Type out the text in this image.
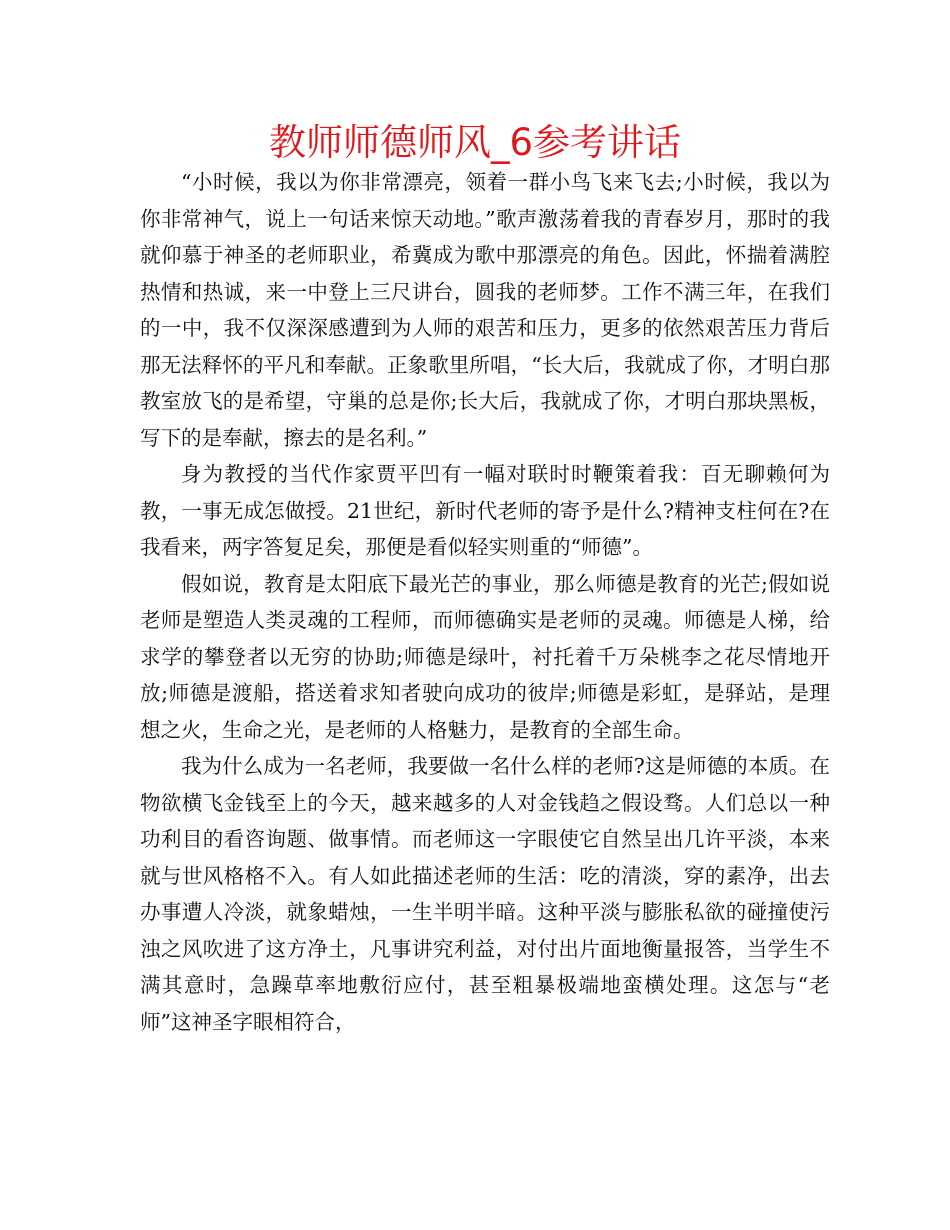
教师师德师风_6参考讲话

“小时候，我以为你非常漂亮，领着一群小鸟飞来飞去;小时候，我以为你非常神气，说上一句话来惊天动地。”歌声激荡着我的青春岁月，那时的我就仰慕于神圣的老师职业，希冀成为歌中那漂亮的角色。因此，怀揣着满腔热情和热诚，来一中登上三尺讲台，圆我的老师梦。工作不满三年，在我们的一中，我不仅深深感遭到为人师的艰苦和压力，更多的依然艰苦压力背后那无法释怀的平凡和奉献。正象歌里所唱，“长大后，我就成了你，才明白那教室放飞的是希望，守巢的总是你;长大后，我就成了你，才明白那块黑板，写下的是奉献，擦去的是名利。”

身为教授的当代作家贾平凹有一幅对联时时鞭策着我：百无聊赖何为教，一事无成怎做授。21世纪，新时代老师的寄予是什么?精神支柱何在?在我看来，两字答复足矣，那便是看似轻实则重的“师德”。

假如说，教育是太阳底下最光芒的事业，那么师德是教育的光芒;假如说老师是塑造人类灵魂的工程师，而师德确实是老师的灵魂。师德是人梯，给求学的攀登者以无穷的协助;师德是绿叶，衬托着千万朵桃李之花尽情地开放;师德是渡船，搭送着求知者驶向成功的彼岸;师德是彩虹，是驿站，是理想之火，生命之光，是老师的人格魅力，是教育的全部生命。

我为什么成为一名老师，我要做一名什么样的老师?这是师德的本质。在物欲横飞金钱至上的今天，越来越多的人对金钱趋之假设骛。人们总以一种功利目的看咨询题、做事情。而老师这一字眼使它自然呈出几许平淡，本来就与世风格格不入。有人如此描述老师的生活：吃的清淡，穿的素净，出去办事遭人冷淡，就象蜡烛，一生半明半暗。这种平淡与膨胀私欲的碰撞使污浊之风吹进了这方净土，凡事讲究利益，对付出片面地衡量报答，当学生不满其意时，急躁草率地敷衍应付，甚至粗暴极端地蛮横处理。这怎与“老师”这神圣字眼相符合，
